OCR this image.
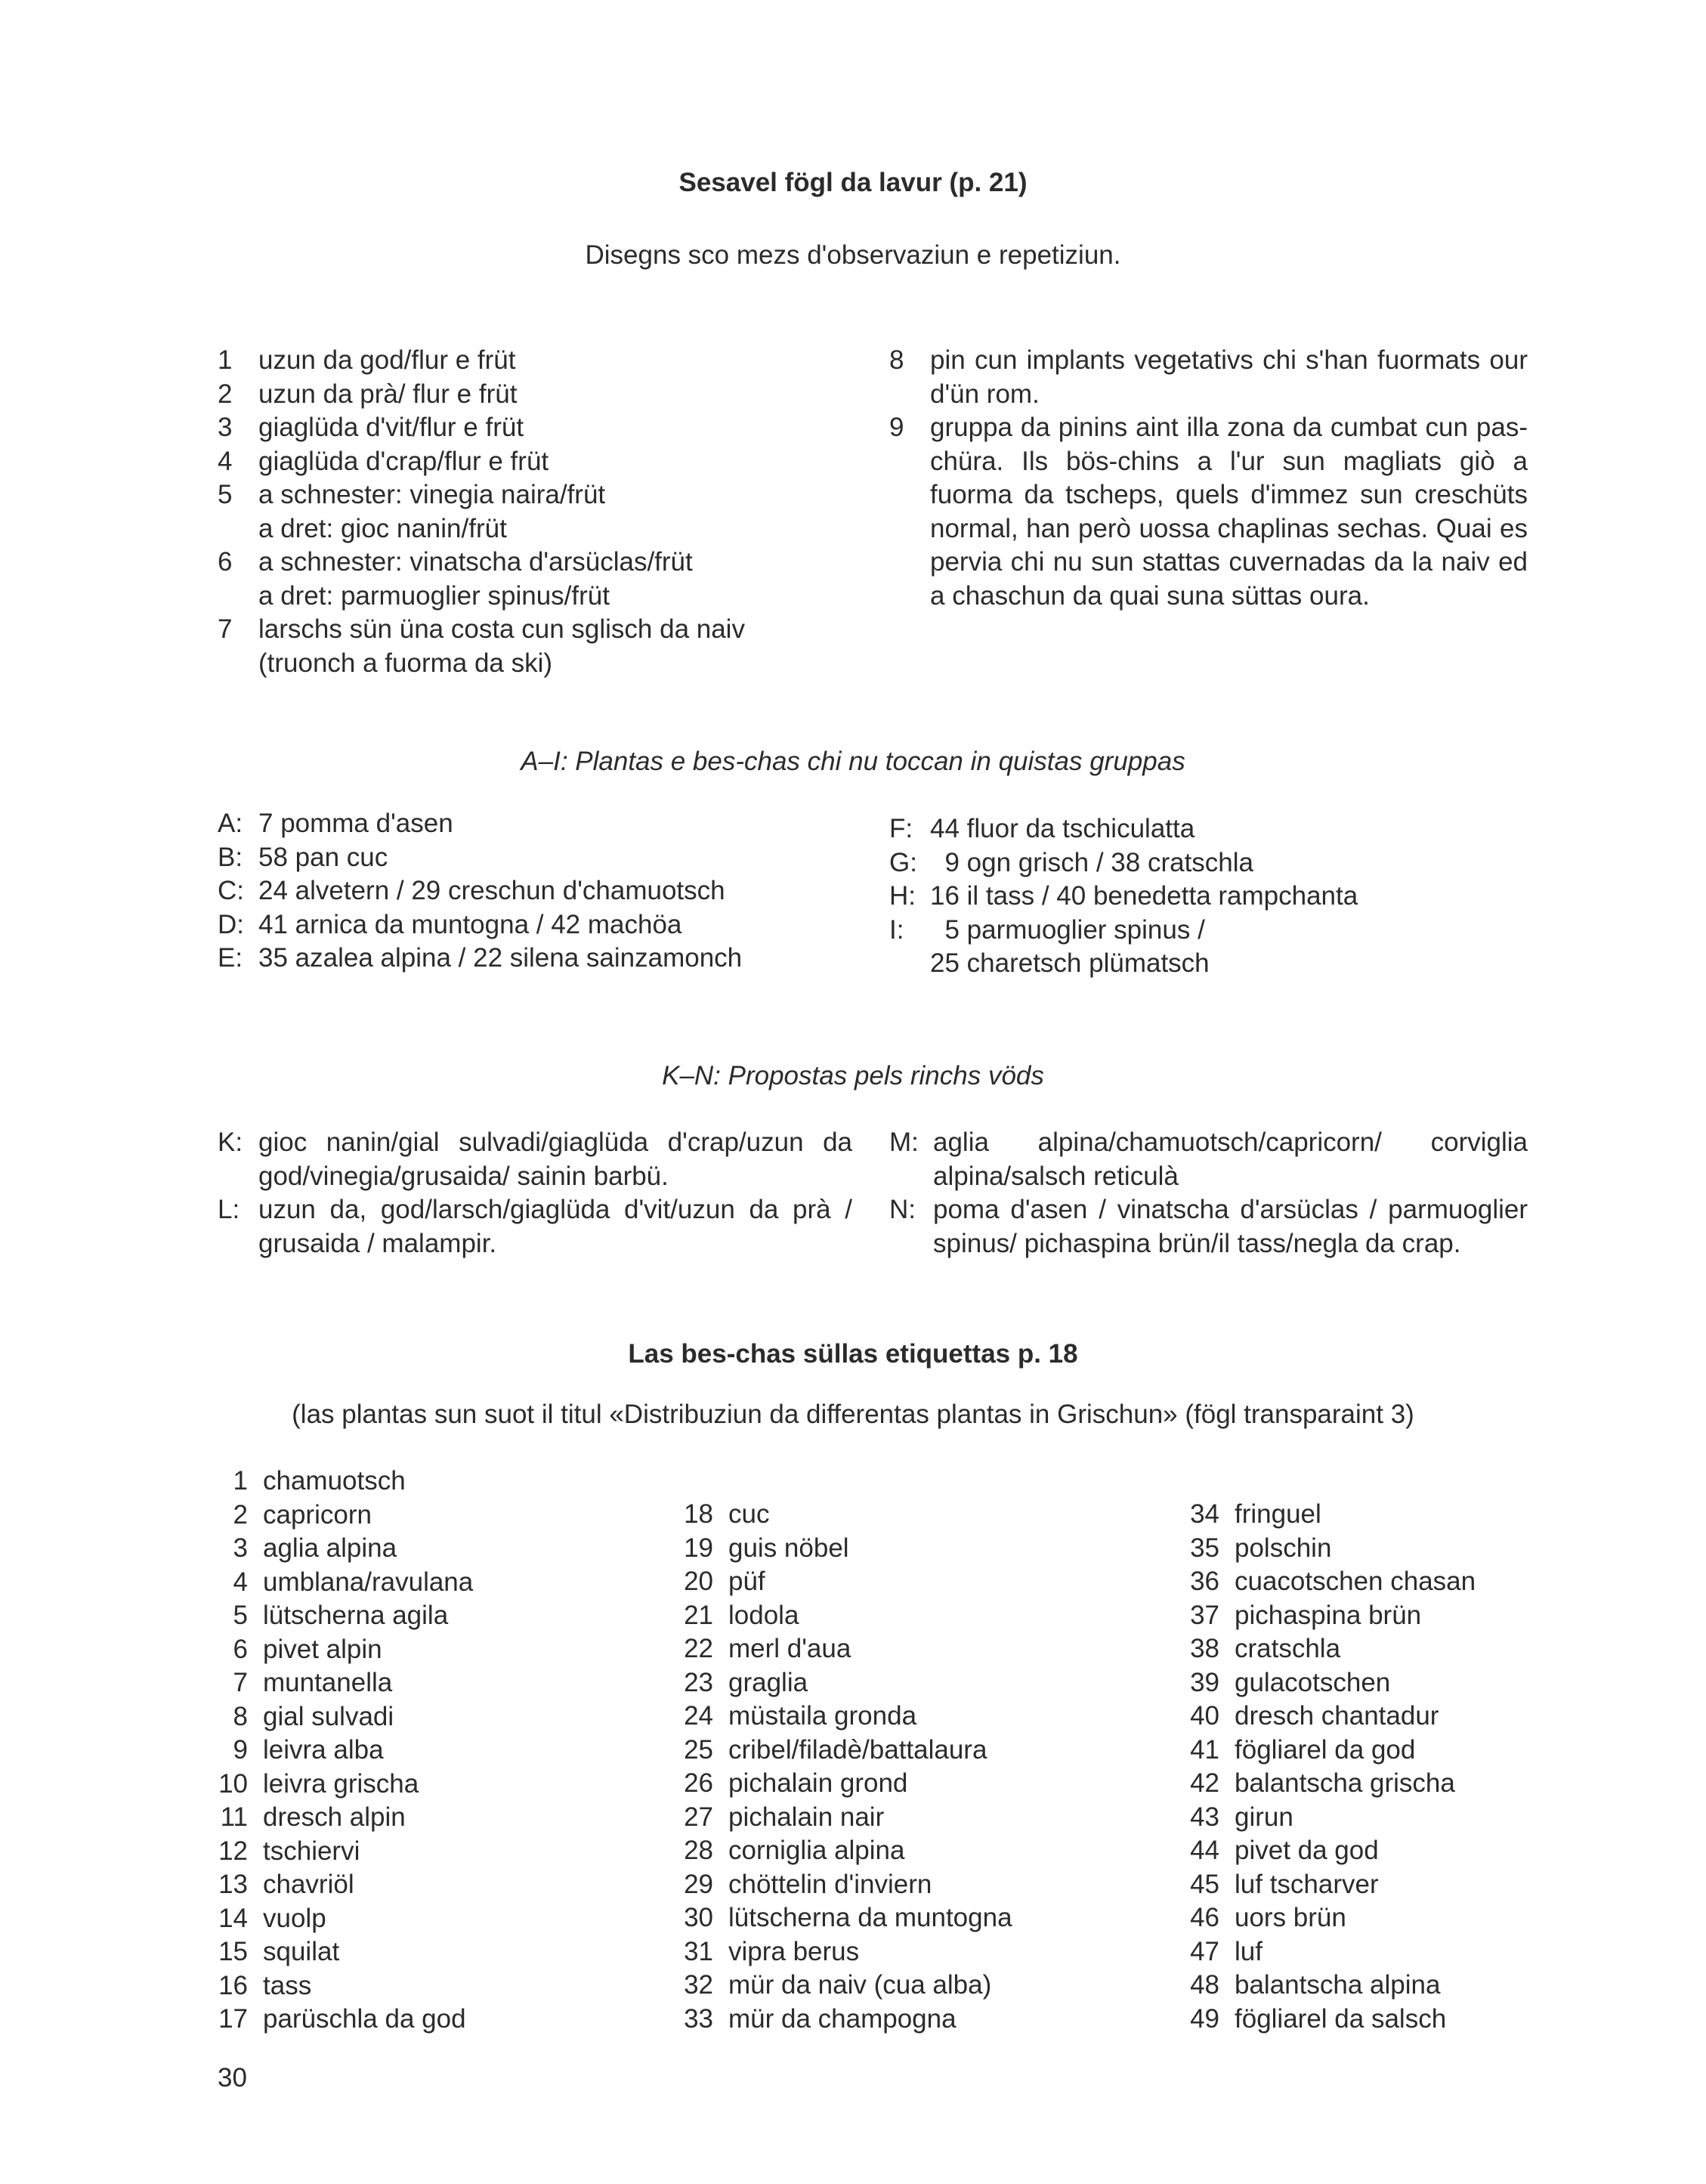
Sesavel fögl da lavur (p. 21)
Disegns sco mezs d'observaziun e repetiziun.
1 uzun da god/flur e früt
2 uzun da prà/ flur e früt
3 giaglüda d'vit/flur e früt
4 giaglüda d'crap/flur e früt
5 a schnester: vinegia naira/früt
a dret: gioc nanin/früt
6 a schnester: vinatscha d'arsüclas/früt
a dret: parmuoglier spinus/früt
7 larschs sün üna costa cun sglisch da naiv
(truonch a fuorma da ski)
8 pin cun implants vegetativs chi s'han fuormats our d'ün rom.
9 gruppa da pinins aint illa zona da cumbat cun pas-chüra. Ils bös-chins a l'ur sun magliats giò a fuorma da tscheps, quels d'immez sun creschüts normal, han però uossa chaplinas sechas. Quai es pervia chi nu sun stattas cuvernadas da la naiv ed a chaschun da quai suna süttas oura.
A–I: Plantas e bes-chas chi nu toccan in quistas gruppas
A: 7 pomma d'asen
B: 58 pan cuc
C: 24 alvetern / 29 creschun d'chamuotsch
D: 41 arnica da muntogna / 42 machöa
E: 35 azalea alpina / 22 silena sainzamonch
F: 44 fluor da tschiculatta
G: 9 ogn grisch / 38 cratschla
H: 16 il tass / 40 benedetta rampchanta
I: 5 parmuoglier spinus /
25 charetsch plümatsch
K–N: Propostas pels rinchs vöds
K: gioc nanin/gial sulvadi/giaglüda d'crap/uzun da god/vinegia/grusaida/ sainin barbü.
L: uzun da, god/larsch/giaglüda d'vit/uzun da prà / grusaida / malampir.
M: aglia alpina/chamuotsch/capricorn/ corviglia alpina/salsch reticulà
N: poma d'asen / vinatscha d'arsüclas / parmuoglier spinus/ pichaspina brün/il tass/negla da crap.
Las bes-chas süllas etiquettas p. 18
(las plantas sun suot il titul «Distribuziun da differentas plantas in Grischun» (fögl transparaint 3)
1 chamuotsch
2 capricorn
3 aglia alpina
4 umblana/ravulana
5 lütscherna agila
6 pivet alpin
7 muntanella
8 gial sulvadi
9 leivra alba
10 leivra grischa
11 dresch alpin
12 tschiervi
13 chavriöl
14 vuolp
15 squilat
16 tass
17 parüschla da god
18 cuc
19 guis nöbel
20 püf
21 lodola
22 merl d'aua
23 graglia
24 müstaila gronda
25 cribel/filadè/battalaura
26 pichalain grond
27 pichalain nair
28 corniglia alpina
29 chöttelin d'inviern
30 lütscherna da muntogna
31 vipra berus
32 mür da naiv (cua alba)
33 mür da champogna
34 fringuel
35 polschin
36 cuacotschen chasan
37 pichaspina brün
38 cratschla
39 gulacotschen
40 dresch chantadur
41 fögliarel da god
42 balantscha grischa
43 girun
44 pivet da god
45 luf tscharver
46 uors brün
47 luf
48 balantscha alpina
49 fögliarel da salsch
30
